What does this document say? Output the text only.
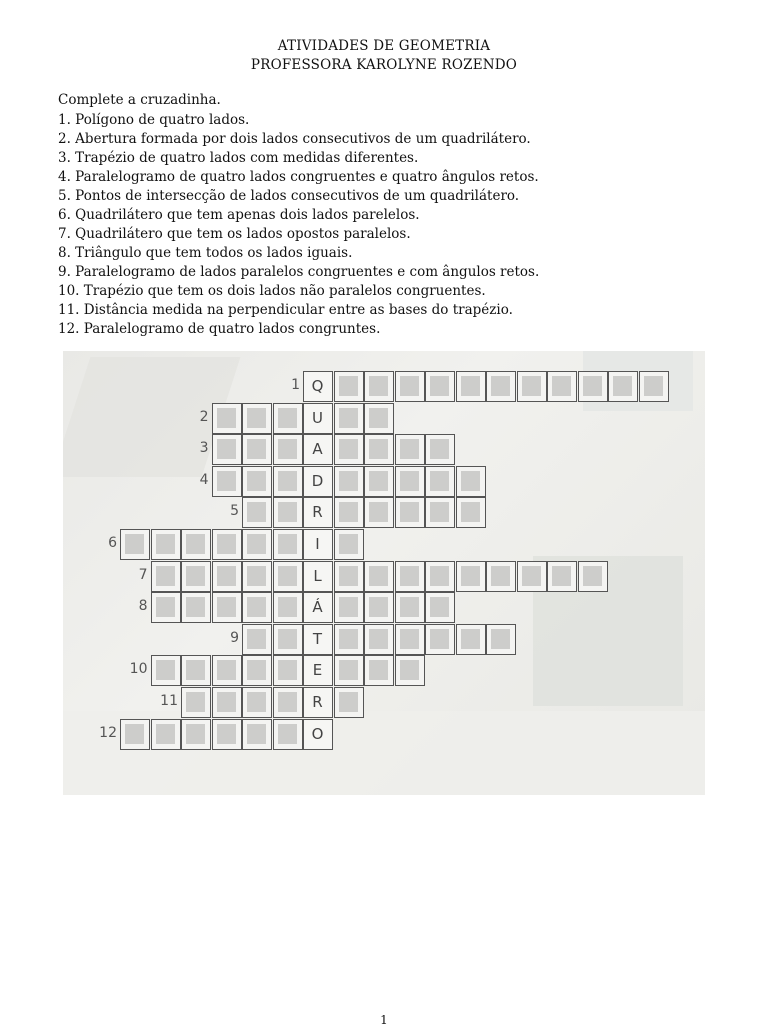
ATIVIDADES DE GEOMETRIA
PROFESSORA KAROLYNE ROZENDO
Complete a cruzadinha.
1. Polígono de quatro lados.
2. Abertura formada por dois lados consecutivos de um quadrilátero.
3. Trapézio de quatro lados com medidas diferentes.
4. Paralelogramo de quatro lados congruentes e quatro ângulos retos.
5. Pontos de intersecção de lados consecutivos de um quadrilátero.
6. Quadrilátero que tem apenas dois lados parelelos.
7. Quadrilátero que tem os lados opostos paralelos.
8. Triângulo que tem todos os lados iguais.
9. Paralelogramo de lados paralelos congruentes e com ângulos retos.
10. Trapézio que tem os dois lados não paralelos congruentes.
11. Distância medida na perpendicular entre as bases do trapézio.
12. Paralelogramo de quatro lados congruntes.
Q
1
U
2
A
3
D
4
R
5
I
6
L
7
Á
8
T
9
E
10
R
11
O
12
1
